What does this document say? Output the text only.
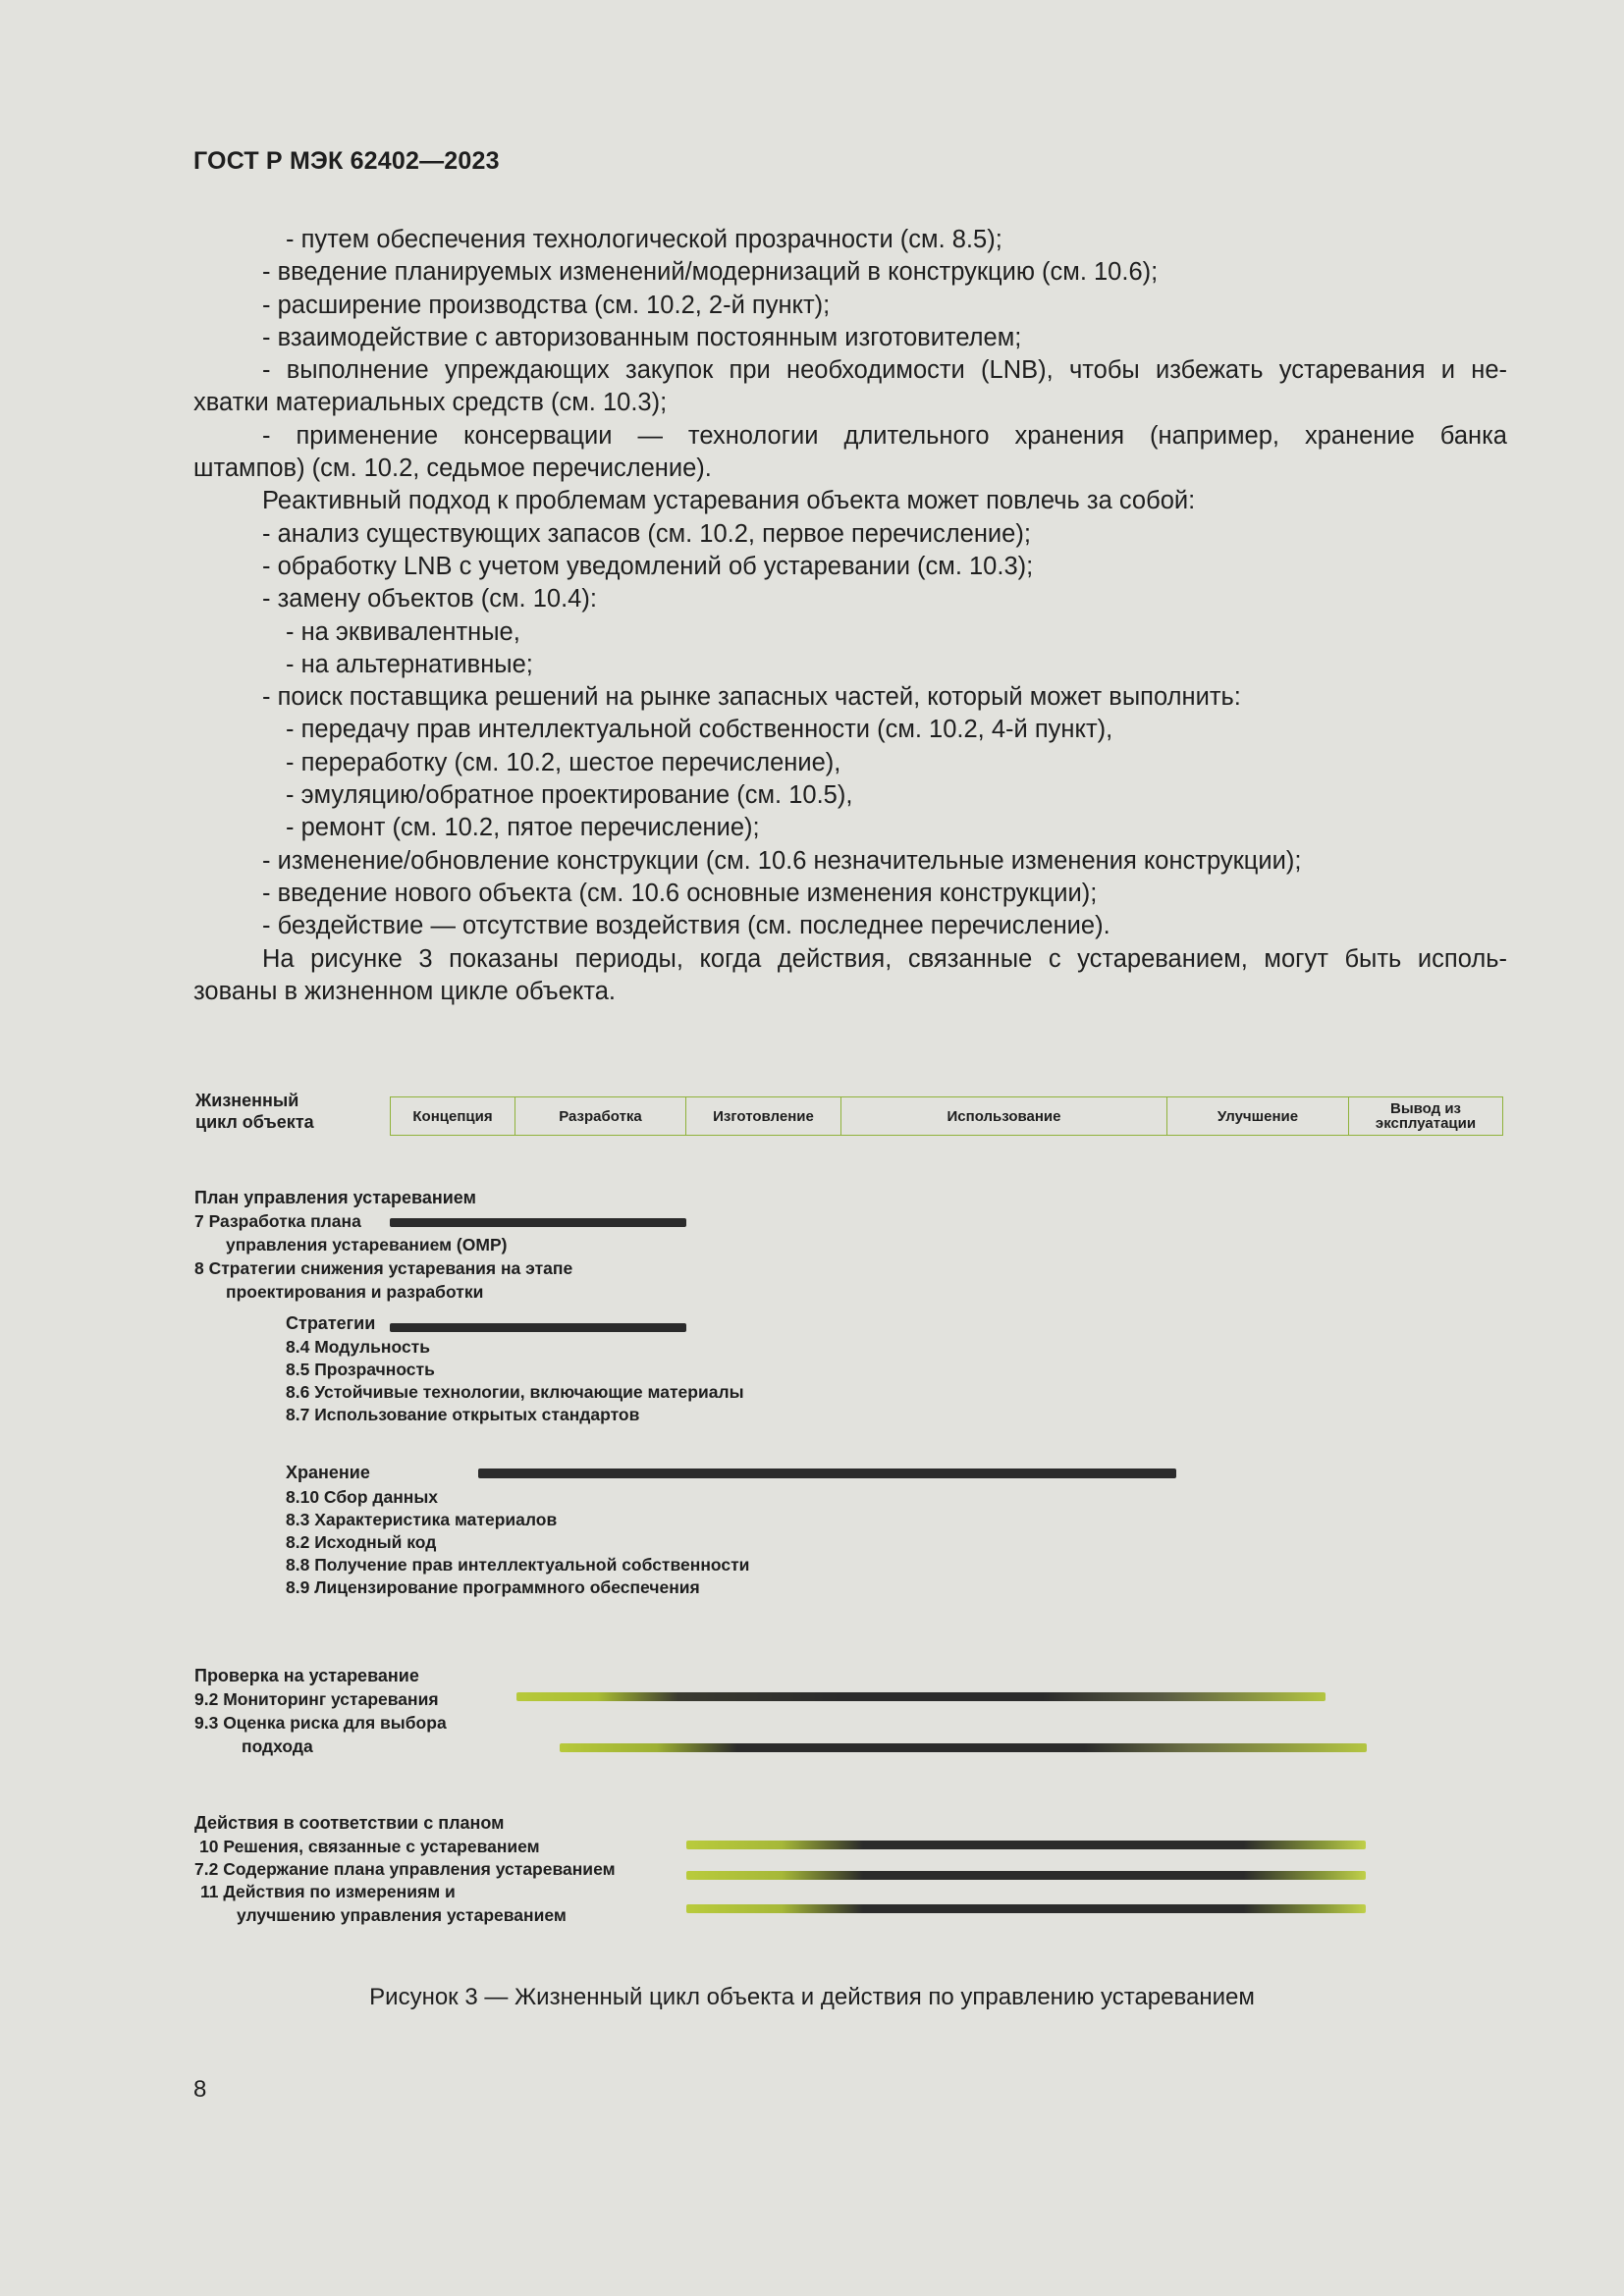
ГОСТ Р МЭК 62402—2023
- путем обеспечения технологической прозрачности (см. 8.5);
- введение планируемых изменений/модернизаций в конструкцию (см. 10.6);
- расширение производства (см. 10.2, 2-й пункт);
- взаимодействие с авторизованным постоянным изготовителем;
- выполнение упреждающих закупок при необходимости (LNB), чтобы избежать устаревания и не-
хватки материальных средств (см. 10.3);
- применение консервации — технологии длительного хранения (например, хранение банка
штампов) (см. 10.2, седьмое перечисление).
Реактивный подход к проблемам устаревания объекта может повлечь за собой:
- анализ существующих запасов (см. 10.2, первое перечисление);
- обработку LNB с учетом уведомлений об устаревании (см. 10.3);
- замену объектов (см. 10.4):
- на эквивалентные,
- на альтернативные;
- поиск поставщика решений на рынке запасных частей, который может выполнить:
- передачу прав интеллектуальной собственности (см. 10.2, 4-й пункт),
- переработку (см. 10.2, шестое перечисление),
- эмуляцию/обратное проектирование (см. 10.5),
- ремонт (см. 10.2, пятое перечисление);
- изменение/обновление конструкции (см. 10.6 незначительные изменения конструкции);
- введение нового объекта (см. 10.6 основные изменения конструкции);
- бездействие — отсутствие воздействия (см. последнее перечисление).
На рисунке 3 показаны периоды, когда действия, связанные с устареванием, могут быть исполь-
зованы в жизненном цикле объекта.
Жизненный
цикл объекта	Концепция	Разработка	Изготовление	Использование	Улучшение	Вывод из
эксплуатации
План управления устареванием
7 Разработка плана
управления устареванием (OMP)
8 Стратегии снижения устаревания на этапе
проектирования и разработки
Стратегии
8.4 Модульность
8.5 Прозрачность
8.6 Устойчивые технологии, включающие материалы
8.7 Использование открытых стандартов
Хранение
8.10 Сбор данных
8.3 Характеристика материалов
8.2 Исходный код
8.8 Получение прав интеллектуальной собственности
8.9 Лицензирование программного обеспечения
Проверка на устаревание
9.2 Мониторинг устаревания
9.3 Оценка риска для выбора
подхода
Действия в соответствии с планом
10 Решения, связанные с устареванием
7.2 Содержание плана управления устареванием
11 Действия по измерениям и
улучшению управления устареванием
Рисунок 3 — Жизненный цикл объекта и действия по управлению устареванием
8
